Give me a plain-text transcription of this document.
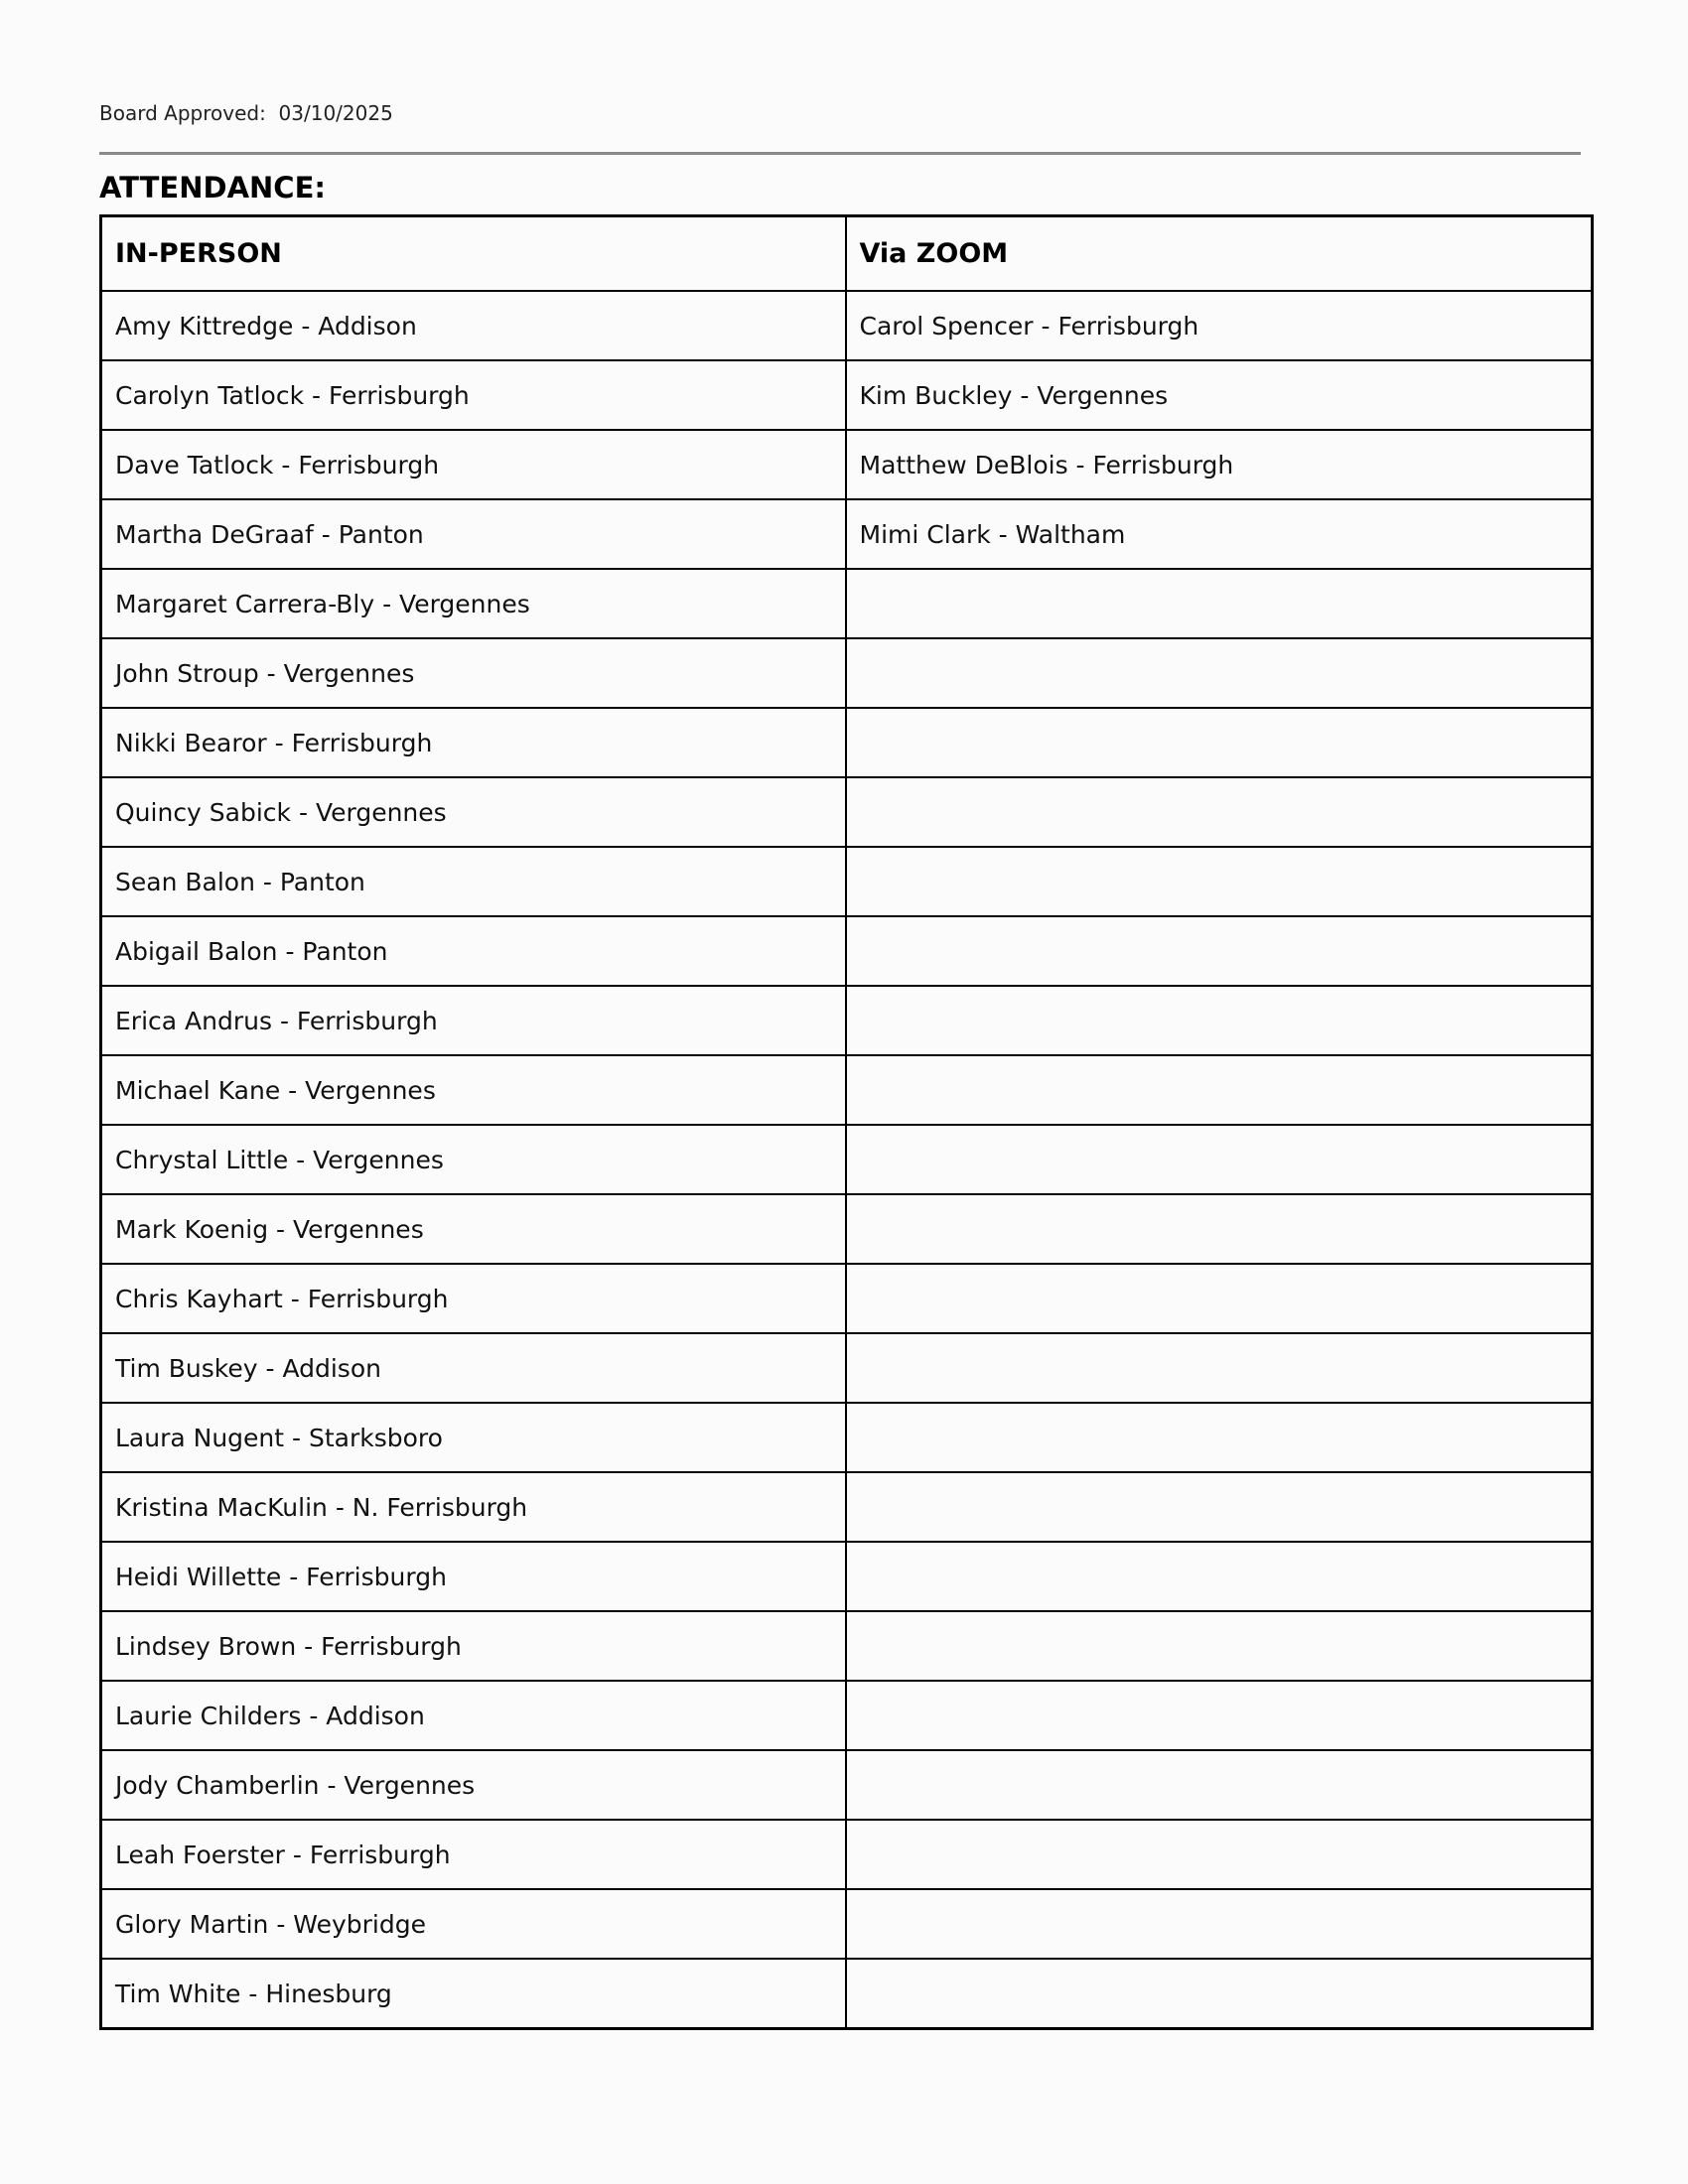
Board Approved: 03/10/2025
ATTENDANCE:
IN-PERSON	Via ZOOM
Amy Kittredge - Addison	Carol Spencer - Ferrisburgh
Carolyn Tatlock - Ferrisburgh	Kim Buckley - Vergennes
Dave Tatlock - Ferrisburgh	Matthew DeBlois - Ferrisburgh
Martha DeGraaf - Panton	Mimi Clark - Waltham
Margaret Carrera-Bly - Vergennes	
John Stroup - Vergennes	
Nikki Bearor - Ferrisburgh	
Quincy Sabick - Vergennes	
Sean Balon - Panton	
Abigail Balon - Panton	
Erica Andrus - Ferrisburgh	
Michael Kane - Vergennes	
Chrystal Little - Vergennes	
Mark Koenig - Vergennes	
Chris Kayhart - Ferrisburgh	
Tim Buskey - Addison	
Laura Nugent - Starksboro	
Kristina MacKulin - N. Ferrisburgh	
Heidi Willette - Ferrisburgh	
Lindsey Brown - Ferrisburgh	
Laurie Childers - Addison	
Jody Chamberlin - Vergennes	
Leah Foerster - Ferrisburgh	
Glory Martin - Weybridge	
Tim White - Hinesburg	
